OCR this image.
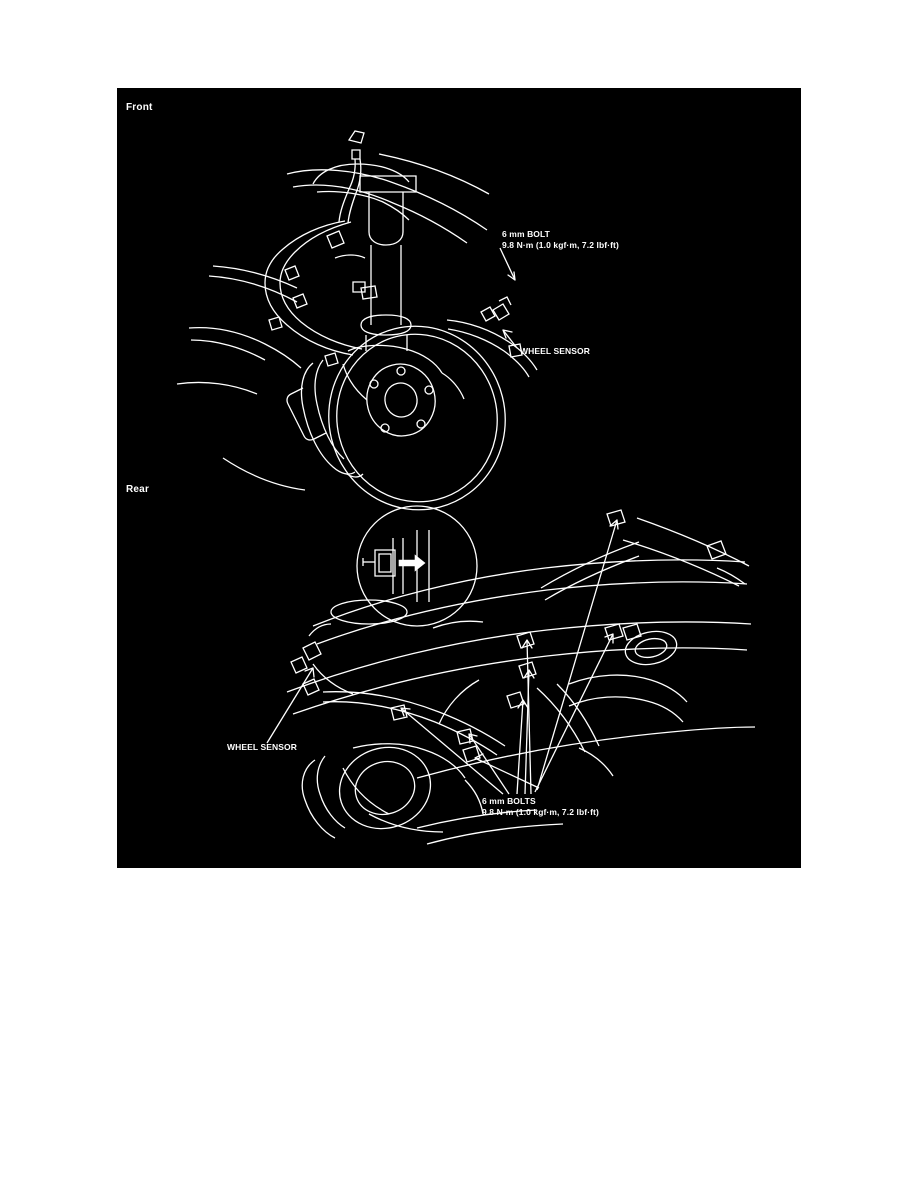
Front
Rear
6 mm BOLT
9.8 N·m (1.0 kgf·m, 7.2 lbf·ft)
WHEEL SENSOR
WHEEL SENSOR
6 mm BOLTS
9.8 N·m (1.0 kgf·m, 7.2 lbf·ft)
